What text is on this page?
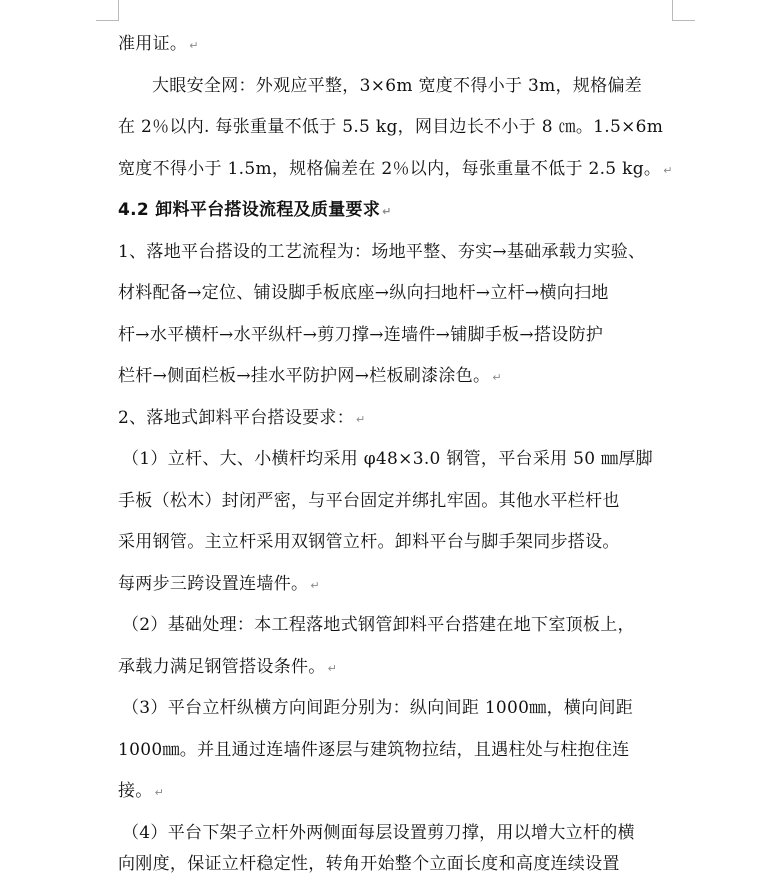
准用证。 ↵
大眼安全网：外观应平整，3×6m 宽度不得小于 3m，规格偏差
在 2％以内. 每张重量不低于 5.5 kg，网目边长不小于 8 ㎝。1.5×6m
宽度不得小于 1.5m，规格偏差在 2％以内，每张重量不低于 2.5 kg。 ↵
4.2 卸料平台搭设流程及质量要求 ↵
1、落地平台搭设的工艺流程为：场地平整、夯实→基础承载力实验、
材料配备→定位、铺设脚手板底座→纵向扫地杆→立杆→横向扫地
杆→水平横杆→水平纵杆→剪刀撑→连墙件→铺脚手板→搭设防护
栏杆→侧面栏板→挂水平防护网→栏板刷漆涂色。 ↵
2、落地式卸料平台搭设要求： ↵
（1）立杆、大、小横杆均采用 φ48×3.0 钢管，平台采用 50 ㎜厚脚
手板（松木）封闭严密，与平台固定并绑扎牢固。其他水平栏杆也
采用钢管。主立杆采用双钢管立杆。卸料平台与脚手架同步搭设。
每两步三跨设置连墙件。 ↵
（2）基础处理：本工程落地式钢管卸料平台搭建在地下室顶板上，
承载力满足钢管搭设条件。 ↵
（3）平台立杆纵横方向间距分别为：纵向间距 1000㎜，横向间距
1000㎜。并且通过连墙件逐层与建筑物拉结，且遇柱处与柱抱住连
接。 ↵
（4）平台下架子立杆外两侧面每层设置剪刀撑，用以增大立杆的横
向刚度，保证立杆稳定性，转角开始整个立面长度和高度连续设置
